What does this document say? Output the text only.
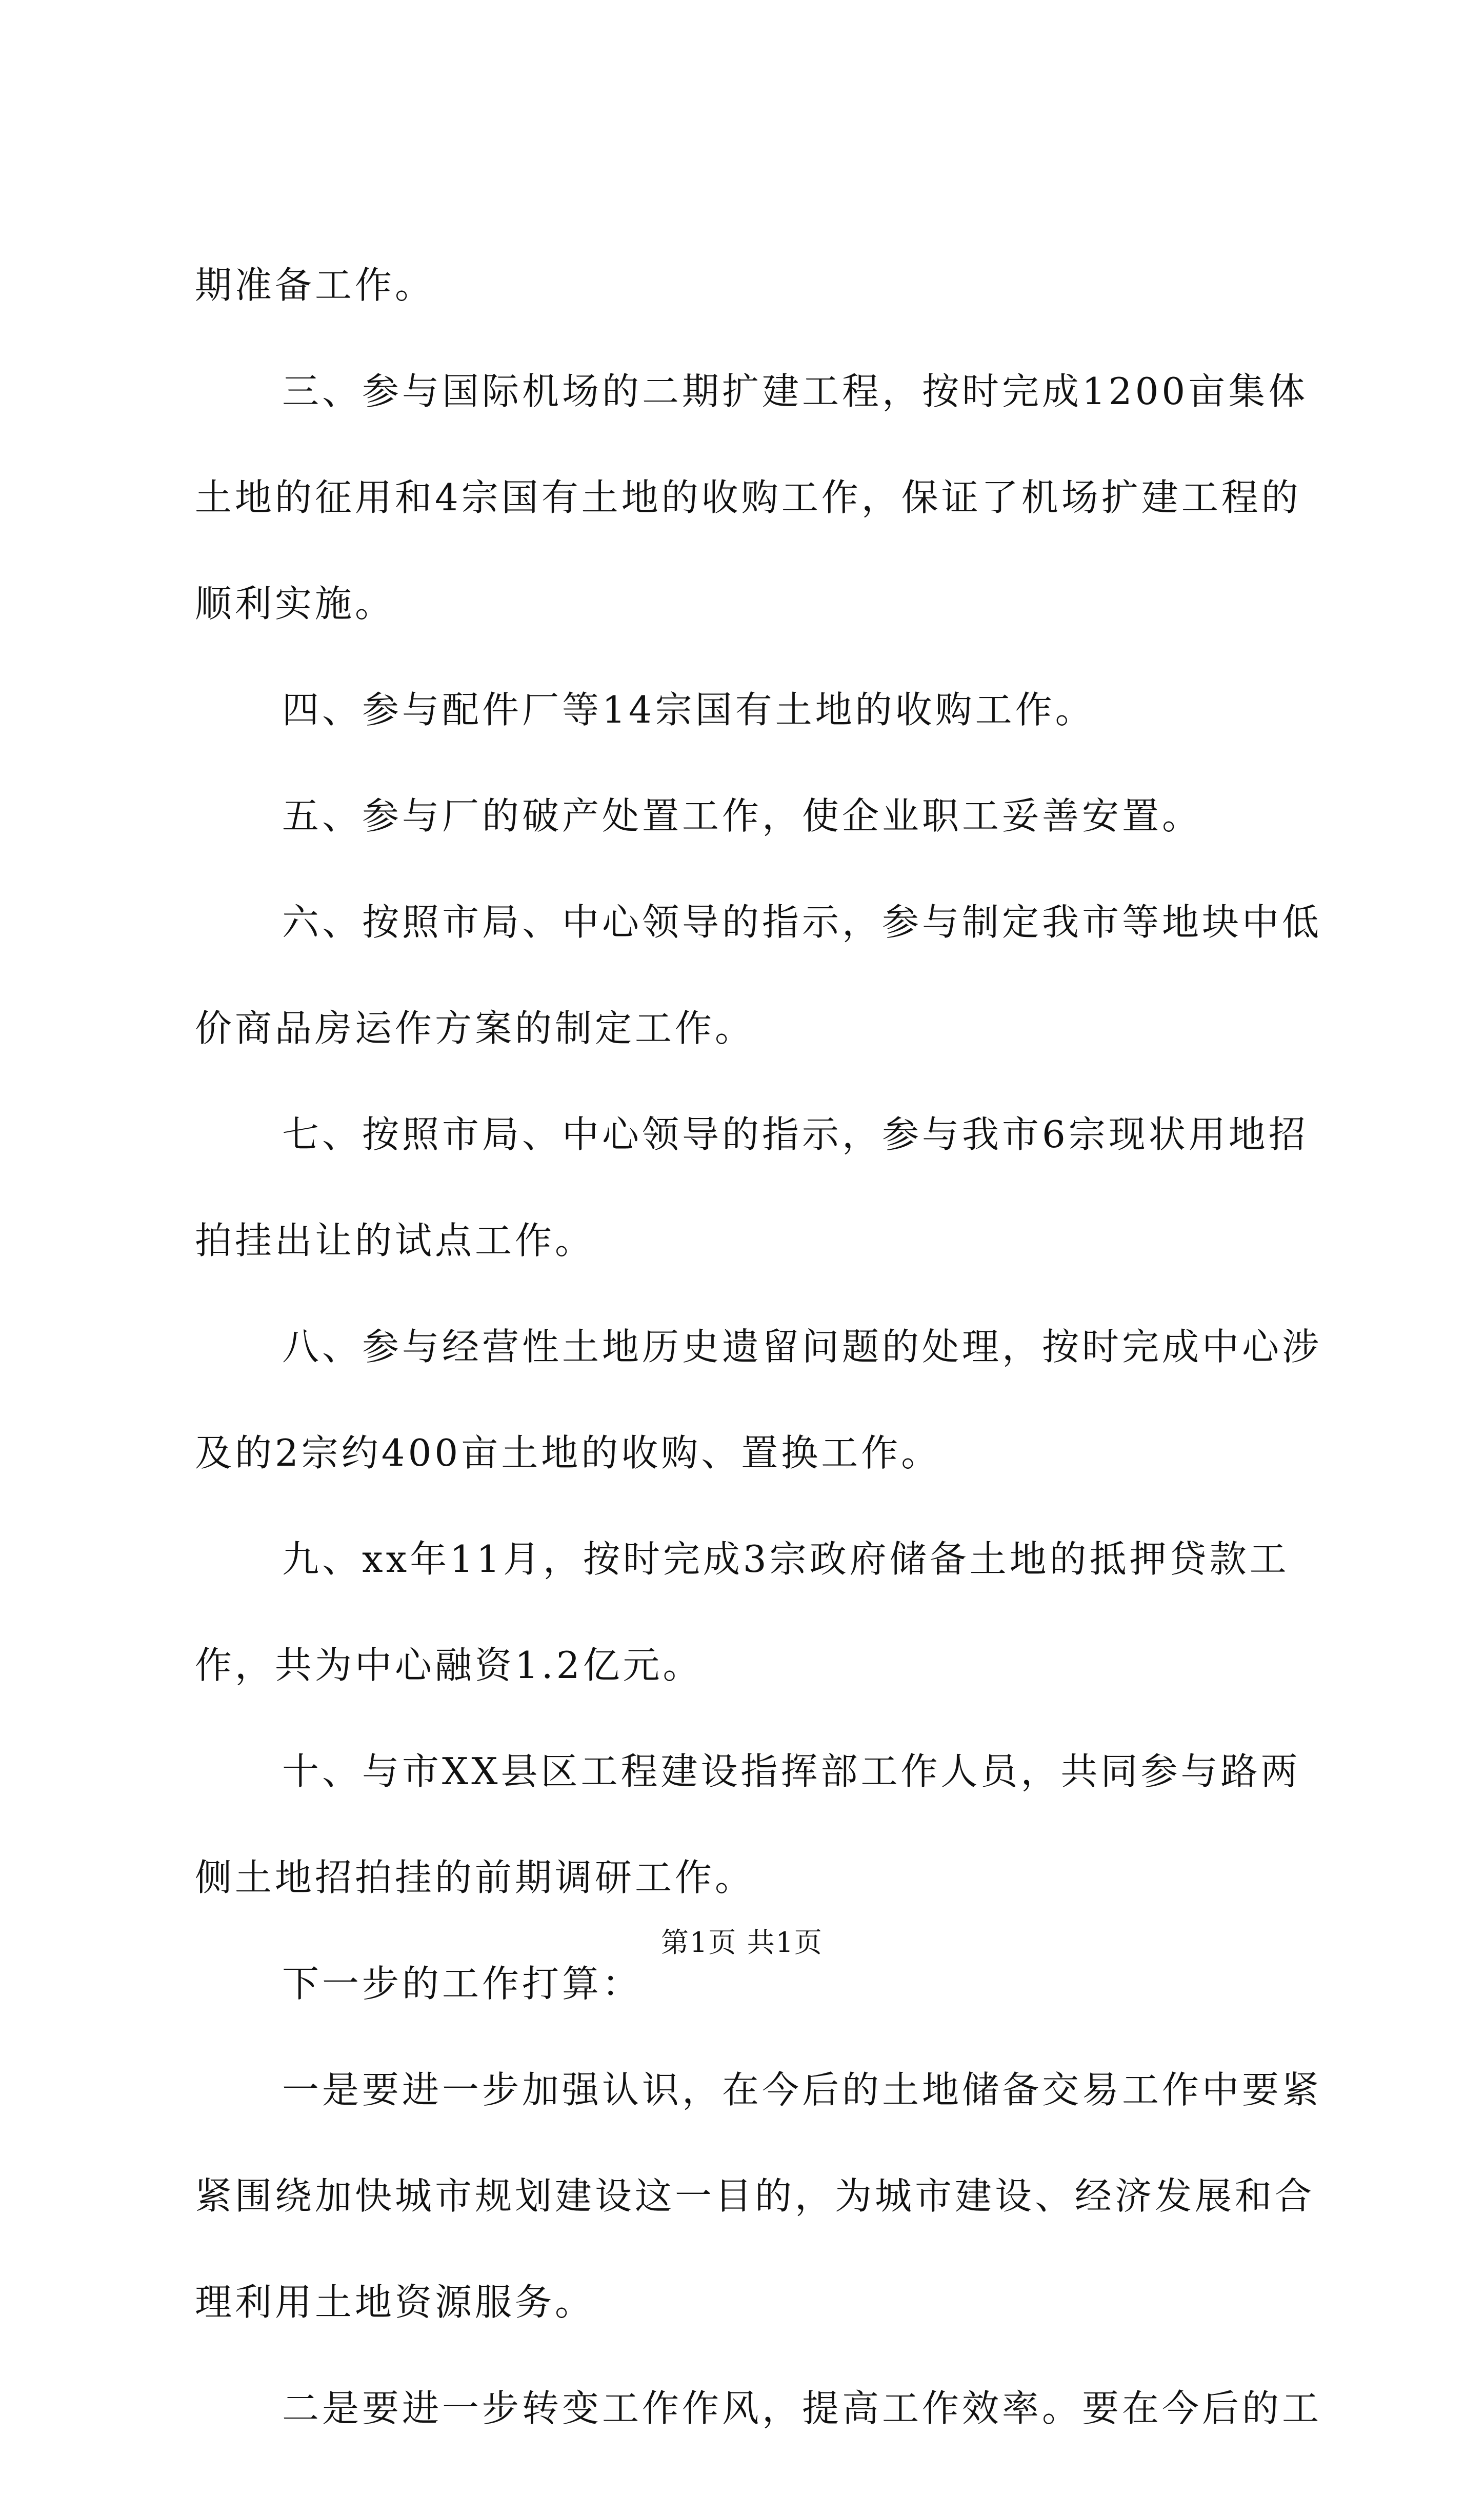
期准备工作。
三、参与国际机场的二期扩建工程，按时完成1200亩集体
土地的征用和4宗国有土地的收购工作，保证了机场扩建工程的
顺利实施。
四、参与配件厂等14宗国有土地的收购工作。
五、参与厂的破产处置工作，使企业职工妥善安置。
六、按照市局、中心领导的指示，参与制定我市等地块中低
价商品房运作方案的制定工作。
七、按照市局、中心领导的指示，参与我市6宗现状用地招
拍挂出让的试点工作。
八、参与经营性土地历史遗留问题的处理，按时完成中心涉
及的2宗约400亩土地的收购、置换工作。
九、xx年11月，按时完成3宗政府储备土地的抵押贷款工
作，共为中心融资1.2亿元。
十、与市XX县区工程建设指挥部工作人员，共同参与路两
侧土地招拍挂的前期调研工作。
下一步的工作打算：
一是要进一步加强认识，在今后的土地储备交易工作中要紧
紧围绕加快城市规划建设这一目的，为城市建设、经济发展和合
理利用土地资源服务。
二是要进一步转变工作作风，提高工作效率。要在今后的工
第1页 共1页
